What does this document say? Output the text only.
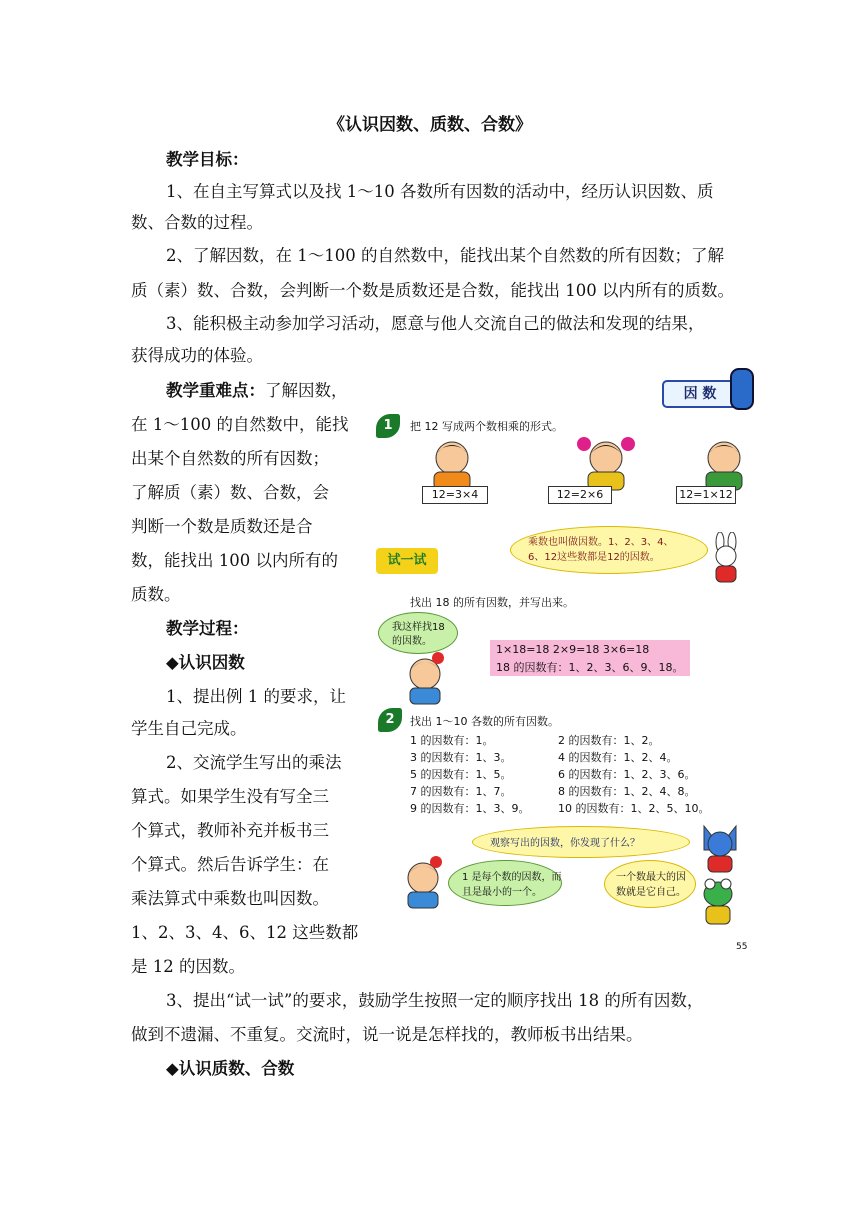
《认识因数、质数、合数》
教学目标：
1、在自主写算式以及找 1～10 各数所有因数的活动中，经历认识因数、质
数、合数的过程。
2、了解因数，在 1～100 的自然数中，能找出某个自然数的所有因数；了解
质（素）数、合数，会判断一个数是质数还是合数，能找出 100 以内所有的质数。
3、能积极主动参加学习活动，愿意与他人交流自己的做法和发现的结果，
获得成功的体验。
教学重难点：了解因数，
在 1～100 的自然数中，能找
出某个自然数的所有因数；
了解质（素）数、合数，会
判断一个数是质数还是合
数，能找出 100 以内所有的
质数。
教学过程：
◆认识因数
1、提出例 1 的要求，让
学生自己完成。
2、交流学生写出的乘法
算式。如果学生没有写全三
个算式，教师补充并板书三
个算式。然后告诉学生：在
乘法算式中乘数也叫因数。
1、2、3、4、6、12 这些数都
是 12 的因数。
3、提出“试一试”的要求，鼓励学生按照一定的顺序找出 18 的所有因数，
做到不遗漏、不重复。交流时，说一说是怎样找的，教师板书出结果。
◆认识质数、合数
因 数
1	把 12 写成两个数相乘的形式。
12=3×4	12=2×6	12=1×12
乘数也叫做因数。1、2、3、4、
6、12这些数都是12的因数。
试一试
找出 18 的所有因数，并写出来。
我这样找18
的因数。
1×18=18 2×9=18 3×6=18
18 的因数有：1、2、3、6、9、18。
2	找出 1～10 各数的所有因数。
1 的因数有：1。	2 的因数有：1、2。
3 的因数有：1、3。	4 的因数有：1、2、4。
5 的因数有：1、5。	6 的因数有：1、2、3、6。
7 的因数有：1、7。	8 的因数有：1、2、4、8。
9 的因数有：1、3、9。	10 的因数有：1、2、5、10。
观察写出的因数，你发现了什么？
1 是每个数的因数，而
且是最小的一个。
一个数最大的因
数就是它自己。
55
